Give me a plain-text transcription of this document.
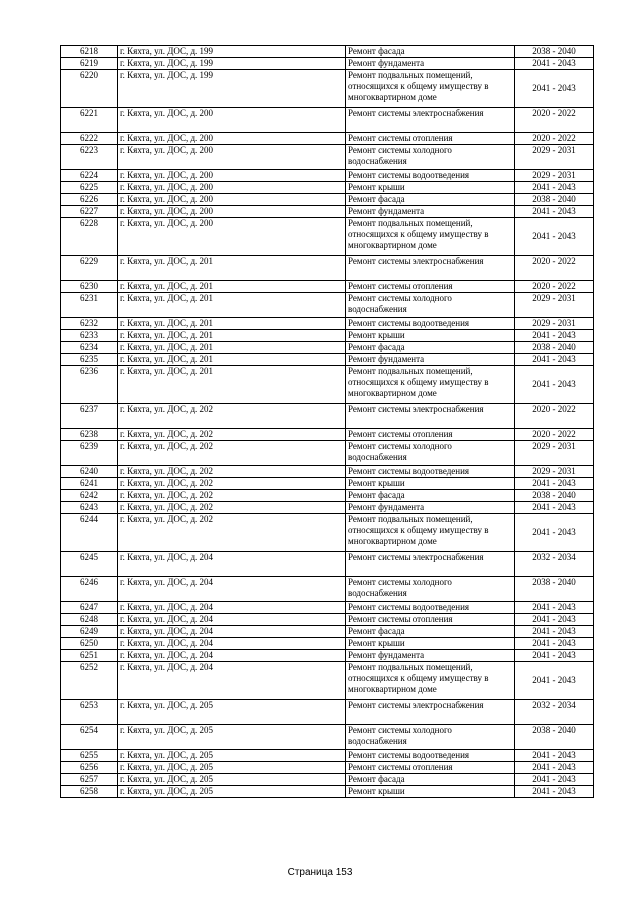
6218	г. Кяхта, ул. ДОС, д. 199	Ремонт фасада	2038 - 2040
6219	г. Кяхта, ул. ДОС, д. 199	Ремонт фундамента	2041 - 2043
6220	г. Кяхта, ул. ДОС, д. 199	Ремонт подвальных помещений, относящихся к общему имуществу в многоквартирном доме	2041 - 2043
6221	г. Кяхта, ул. ДОС, д. 200	Ремонт системы электроснабжения	2020 - 2022
6222	г. Кяхта, ул. ДОС, д. 200	Ремонт системы отопления	2020 - 2022
6223	г. Кяхта, ул. ДОС, д. 200	Ремонт системы холодного водоснабжения	2029 - 2031
6224	г. Кяхта, ул. ДОС, д. 200	Ремонт системы водоотведения	2029 - 2031
6225	г. Кяхта, ул. ДОС, д. 200	Ремонт крыши	2041 - 2043
6226	г. Кяхта, ул. ДОС, д. 200	Ремонт фасада	2038 - 2040
6227	г. Кяхта, ул. ДОС, д. 200	Ремонт фундамента	2041 - 2043
6228	г. Кяхта, ул. ДОС, д. 200	Ремонт подвальных помещений, относящихся к общему имуществу в многоквартирном доме	2041 - 2043
6229	г. Кяхта, ул. ДОС, д. 201	Ремонт системы электроснабжения	2020 - 2022
6230	г. Кяхта, ул. ДОС, д. 201	Ремонт системы отопления	2020 - 2022
6231	г. Кяхта, ул. ДОС, д. 201	Ремонт системы холодного водоснабжения	2029 - 2031
6232	г. Кяхта, ул. ДОС, д. 201	Ремонт системы водоотведения	2029 - 2031
6233	г. Кяхта, ул. ДОС, д. 201	Ремонт крыши	2041 - 2043
6234	г. Кяхта, ул. ДОС, д. 201	Ремонт фасада	2038 - 2040
6235	г. Кяхта, ул. ДОС, д. 201	Ремонт фундамента	2041 - 2043
6236	г. Кяхта, ул. ДОС, д. 201	Ремонт подвальных помещений, относящихся к общему имуществу в многоквартирном доме	2041 - 2043
6237	г. Кяхта, ул. ДОС, д. 202	Ремонт системы электроснабжения	2020 - 2022
6238	г. Кяхта, ул. ДОС, д. 202	Ремонт системы отопления	2020 - 2022
6239	г. Кяхта, ул. ДОС, д. 202	Ремонт системы холодного водоснабжения	2029 - 2031
6240	г. Кяхта, ул. ДОС, д. 202	Ремонт системы водоотведения	2029 - 2031
6241	г. Кяхта, ул. ДОС, д. 202	Ремонт крыши	2041 - 2043
6242	г. Кяхта, ул. ДОС, д. 202	Ремонт фасада	2038 - 2040
6243	г. Кяхта, ул. ДОС, д. 202	Ремонт фундамента	2041 - 2043
6244	г. Кяхта, ул. ДОС, д. 202	Ремонт подвальных помещений, относящихся к общему имуществу в многоквартирном доме	2041 - 2043
6245	г. Кяхта, ул. ДОС, д. 204	Ремонт системы электроснабжения	2032 - 2034
6246	г. Кяхта, ул. ДОС, д. 204	Ремонт системы холодного водоснабжения	2038 - 2040
6247	г. Кяхта, ул. ДОС, д. 204	Ремонт системы водоотведения	2041 - 2043
6248	г. Кяхта, ул. ДОС, д. 204	Ремонт системы отопления	2041 - 2043
6249	г. Кяхта, ул. ДОС, д. 204	Ремонт фасада	2041 - 2043
6250	г. Кяхта, ул. ДОС, д. 204	Ремонт крыши	2041 - 2043
6251	г. Кяхта, ул. ДОС, д. 204	Ремонт фундамента	2041 - 2043
6252	г. Кяхта, ул. ДОС, д. 204	Ремонт подвальных помещений, относящихся к общему имуществу в многоквартирном доме	2041 - 2043
6253	г. Кяхта, ул. ДОС, д. 205	Ремонт системы электроснабжения	2032 - 2034
6254	г. Кяхта, ул. ДОС, д. 205	Ремонт системы холодного водоснабжения	2038 - 2040
6255	г. Кяхта, ул. ДОС, д. 205	Ремонт системы водоотведения	2041 - 2043
6256	г. Кяхта, ул. ДОС, д. 205	Ремонт системы отопления	2041 - 2043
6257	г. Кяхта, ул. ДОС, д. 205	Ремонт фасада	2041 - 2043
6258	г. Кяхта, ул. ДОС, д. 205	Ремонт крыши	2041 - 2043
Страница 153
